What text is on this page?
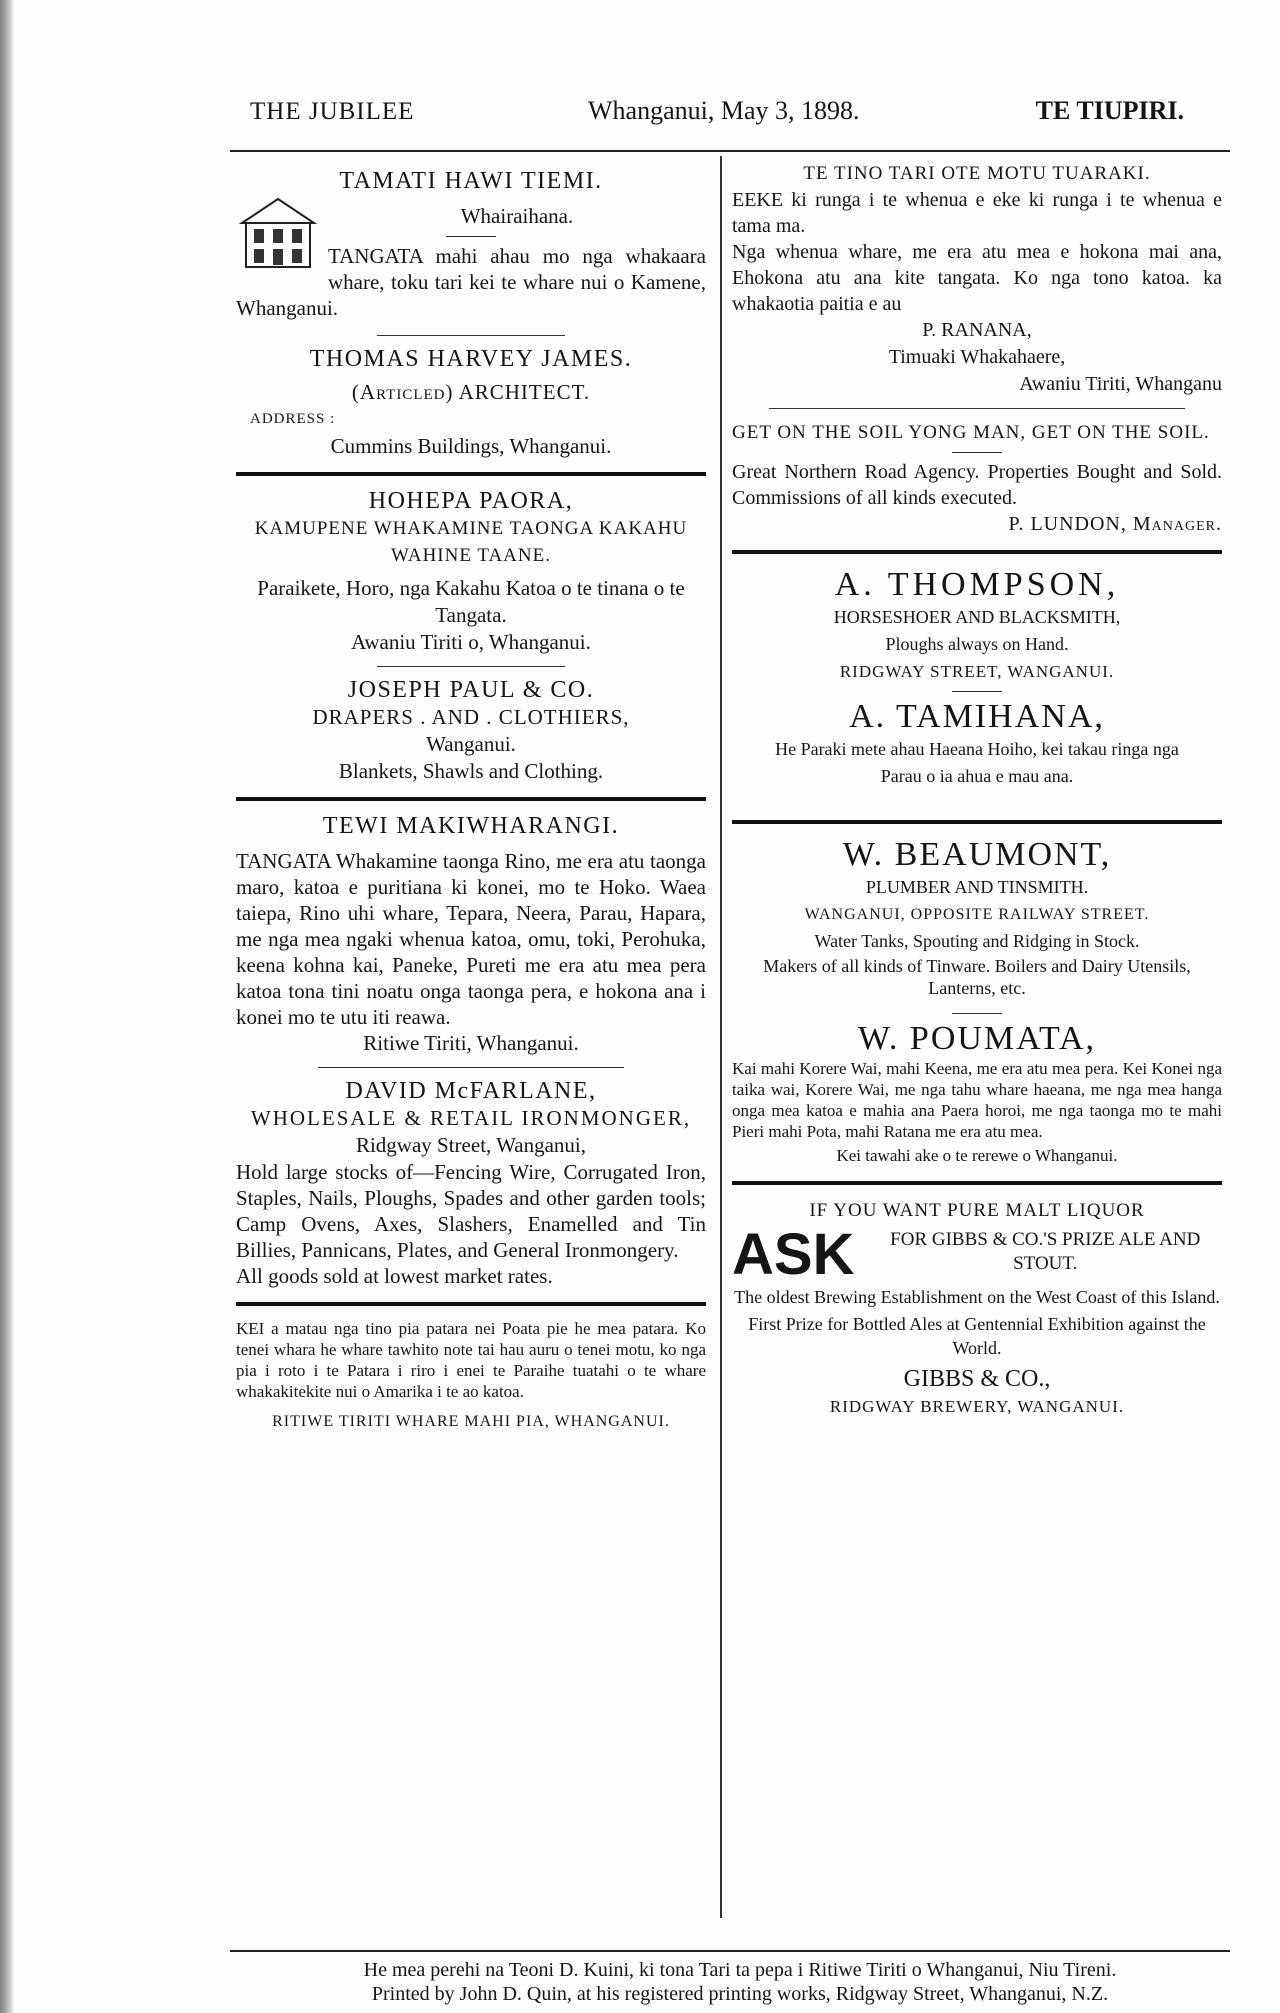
THE JUBILEE	Whanganui, May 3, 1898.	TE TIUPIRI.

TAMATI HAWI TIEMI.

Whairaihana.
TANGATA mahi ahau mo nga whakaara whare, toku tari kei te whare nui o Kamene, Whanganui.

THOMAS HARVEY JAMES.

(Articled) ARCHITECT.
ADDRESS :
Cummins Buildings, Whanganui.

HOHEPA PAORA,

KAMUPENE WHAKAMINE TAONGA KAKAHU
WAHINE TAANE.
Paraikete, Horo, nga Kakahu Katoa o te tinana o te Tangata.
Awaniu Tiriti o, Whanganui.

JOSEPH PAUL & CO.

DRAPERS . AND . CLOTHIERS,
Wanganui.
Blankets, Shawls and Clothing.

TEWI MAKIWHARANGI.

TANGATA Whakamine taonga Rino, me era atu taonga maro, katoa e puritiana ki konei, mo te Hoko. Waea taiepa, Rino uhi whare, Tepara, Neera, Parau, Hapara, me nga mea ngaki whenua katoa, omu, toki, Perohuka, keena kohna kai, Paneke, Pureti me era atu mea pera katoa tona tini noatu onga taonga pera, e hokona ana i konei mo te utu iti reawa.
Ritiwe Tiriti, Whanganui.

DAVID McFARLANE,

WHOLESALE & RETAIL IRONMONGER,
Ridgway Street, Wanganui,
Hold large stocks of—Fencing Wire, Corrugated Iron, Staples, Nails, Ploughs, Spades and other garden tools; Camp Ovens, Axes, Slashers, Enamelled and Tin Billies, Pannicans, Plates, and General Ironmongery.
All goods sold at lowest market rates.
KEI a matau nga tino pia patara nei Poata pie he mea patara. Ko tenei whara he whare tawhito note tai hau auru o tenei motu, ko nga pia i roto i te Patara i riro i enei te Paraihe tuatahi o te whare whakakitekite nui o Amarika i te ao katoa.
RITIWE TIRITI WHARE MAHI PIA, WHANGANUI.
TE TINO TARI OTE MOTU TUARAKI.
EEKE ki runga i te whenua e eke ki runga i te whenua e tama ma.
Nga whenua whare, me era atu mea e hokona mai ana, Ehokona atu ana kite tangata. Ko nga tono katoa. ka whakaotia paitia e au
P. RANANA,
Timuaki Whakahaere,
Awaniu Tiriti, Whanganu
GET ON THE SOIL YONG MAN, GET ON THE SOIL.
Great Northern Road Agency. Properties Bought and Sold. Commissions of all kinds executed.
P. LUNDON, Manager.
A. THOMPSON,
HORSESHOER AND BLACKSMITH,
Ploughs always on Hand.
RIDGWAY STREET, WANGANUI.
A. TAMIHANA,
He Paraki mete ahau Haeana Hoiho, kei takau ringa nga Parau o ia ahua e mau ana.
W. BEAUMONT,
PLUMBER AND TINSMITH.
WANGANUI, OPPOSITE RAILWAY STREET.
Water Tanks, Spouting and Ridging in Stock.
Makers of all kinds of Tinware. Boilers and Dairy Utensils, Lanterns, etc.
W. POUMATA,
Kai mahi Korere Wai, mahi Keena, me era atu mea pera. Kei Konei nga taika wai, Korere Wai, me nga tahu whare haeana, me nga mea hanga onga mea katoa e mahia ana Paera horoi, me nga taonga mo te mahi Pieri mahi Pota, mahi Ratana me era atu mea.
Kei tawahi ake o te rerewe o Whanganui.
IF YOU WANT PURE MALT LIQUOR
ASK	FOR GIBBS & CO.'S PRIZE ALE AND STOUT.
The oldest Brewing Establishment on the West Coast of this Island.
First Prize for Bottled Ales at Gentennial Exhibition against the World.
GIBBS & CO.,
RIDGWAY BREWERY, WANGANUI.
He mea perehi na Teoni D. Kuini, ki tona Tari ta pepa i Ritiwe Tiriti o Whanganui, Niu Tireni.
Printed by John D. Quin, at his registered printing works, Ridgway Street, Whanganui, N.Z.
